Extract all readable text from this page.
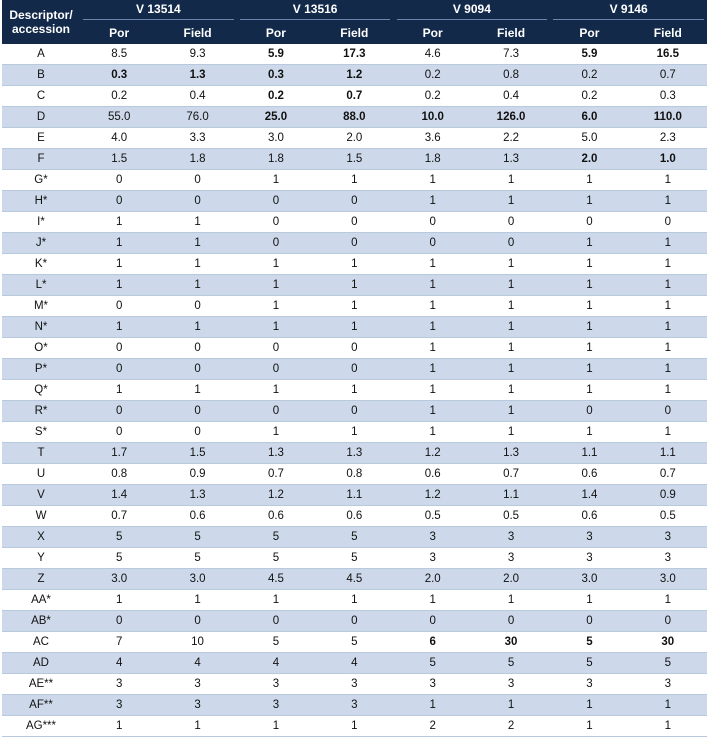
Descriptor/
accession	V 13514		V 13516		V 9094		V 9146	
	Por	Field	Por	Field	Por	Field	Por	Field
A	8.5	9.3	5.9	17.3	4.6	7.3	5.9	16.5
B	0.3	1.3	0.3	1.2	0.2	0.8	0.2	0.7
C	0.2	0.4	0.2	0.7	0.2	0.4	0.2	0.3
D	55.0	76.0	25.0	88.0	10.0	126.0	6.0	110.0
E	4.0	3.3	3.0	2.0	3.6	2.2	5.0	2.3
F	1.5	1.8	1.8	1.5	1.8	1.3	2.0	1.0
G*	0	0	1	1	1	1	1	1
H*	0	0	0	0	1	1	1	1
I*	1	1	0	0	0	0	0	0
J*	1	1	0	0	0	0	1	1
K*	1	1	1	1	1	1	1	1
L*	1	1	1	1	1	1	1	1
M*	0	0	1	1	1	1	1	1
N*	1	1	1	1	1	1	1	1
O*	0	0	0	0	1	1	1	1
P*	0	0	0	0	1	1	1	1
Q*	1	1	1	1	1	1	1	1
R*	0	0	0	0	1	1	0	0
S*	0	0	1	1	1	1	1	1
T	1.7	1.5	1.3	1.3	1.2	1.3	1.1	1.1
U	0.8	0.9	0.7	0.8	0.6	0.7	0.6	0.7
V	1.4	1.3	1.2	1.1	1.2	1.1	1.4	0.9
W	0.7	0.6	0.6	0.6	0.5	0.5	0.6	0.5
X	5	5	5	5	3	3	3	3
Y	5	5	5	5	3	3	3	3
Z	3.0	3.0	4.5	4.5	2.0	2.0	3.0	3.0
AA*	1	1	1	1	1	1	1	1
AB*	0	0	0	0	0	0	0	0
AC	7	10	5	5	6	30	5	30
AD	4	4	4	4	5	5	5	5
AE**	3	3	3	3	3	3	3	3
AF**	3	3	3	3	1	1	1	1
AG***	1	1	1	1	2	2	1	1
